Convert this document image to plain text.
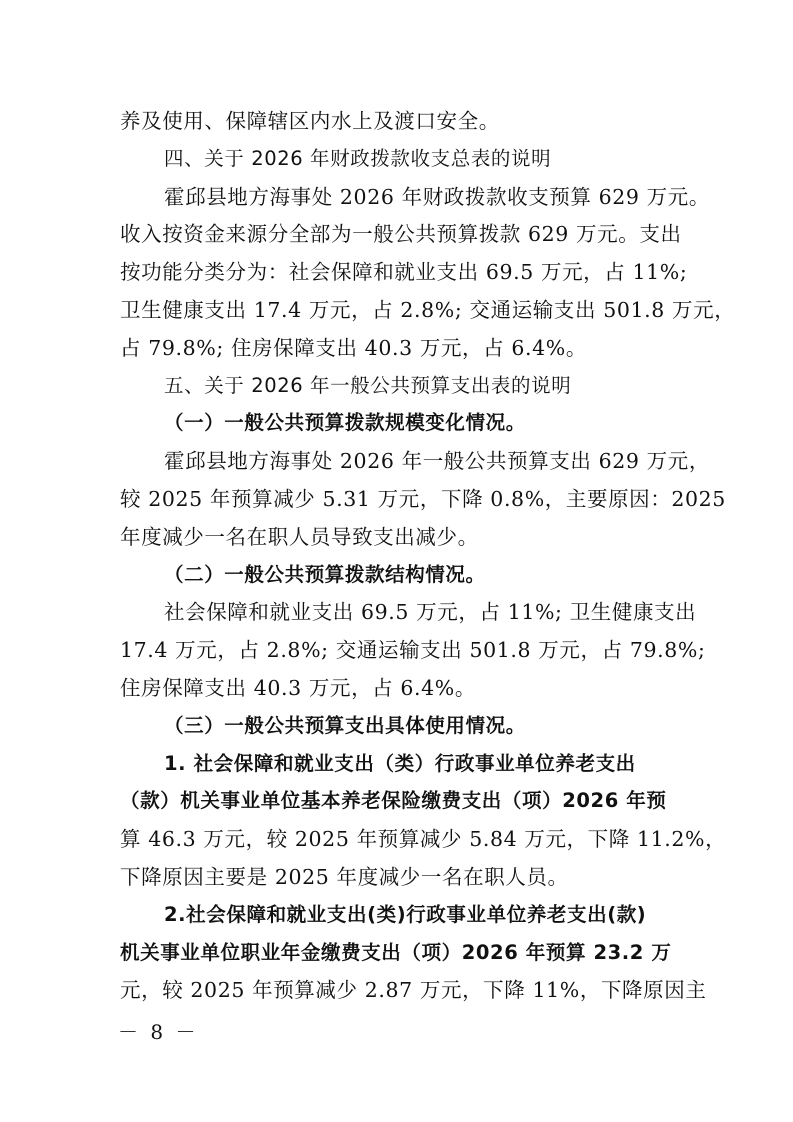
养及使用、保障辖区内水上及渡口安全。
四、关于 2026 年财政拨款收支总表的说明
霍邱县地方海事处 2026 年财政拨款收支预算 629 万元。
收入按资金来源分全部为一般公共预算拨款 629 万元。支出
按功能分类分为：社会保障和就业支出 69.5 万元，占 11%;
卫生健康支出 17.4 万元，占 2.8%; 交通运输支出 501.8 万元，
占 79.8%; 住房保障支出 40.3 万元，占 6.4%。
五、关于 2026 年一般公共预算支出表的说明
（一）一般公共预算拨款规模变化情况。
霍邱县地方海事处 2026 年一般公共预算支出 629 万元，
较 2025 年预算减少 5.31 万元，下降 0.8%，主要原因：2025
年度减少一名在职人员导致支出减少。
（二）一般公共预算拨款结构情况。
社会保障和就业支出 69.5 万元，占 11%; 卫生健康支出
17.4 万元，占 2.8%; 交通运输支出 501.8 万元，占 79.8%;
住房保障支出 40.3 万元，占 6.4%。
（三）一般公共预算支出具体使用情况。
1. 社会保障和就业支出（类）行政事业单位养老支出
（款）机关事业单位基本养老保险缴费支出（项）2026 年预
算 46.3 万元，较 2025 年预算减少 5.84 万元，下降 11.2%，
下降原因主要是 2025 年度减少一名在职人员。
2.社会保障和就业支出(类)行政事业单位养老支出(款)
机关事业单位职业年金缴费支出（项）2026 年预算 23.2 万
元，较 2025 年预算减少 2.87 万元，下降 11%，下降原因主
－ 8 －
